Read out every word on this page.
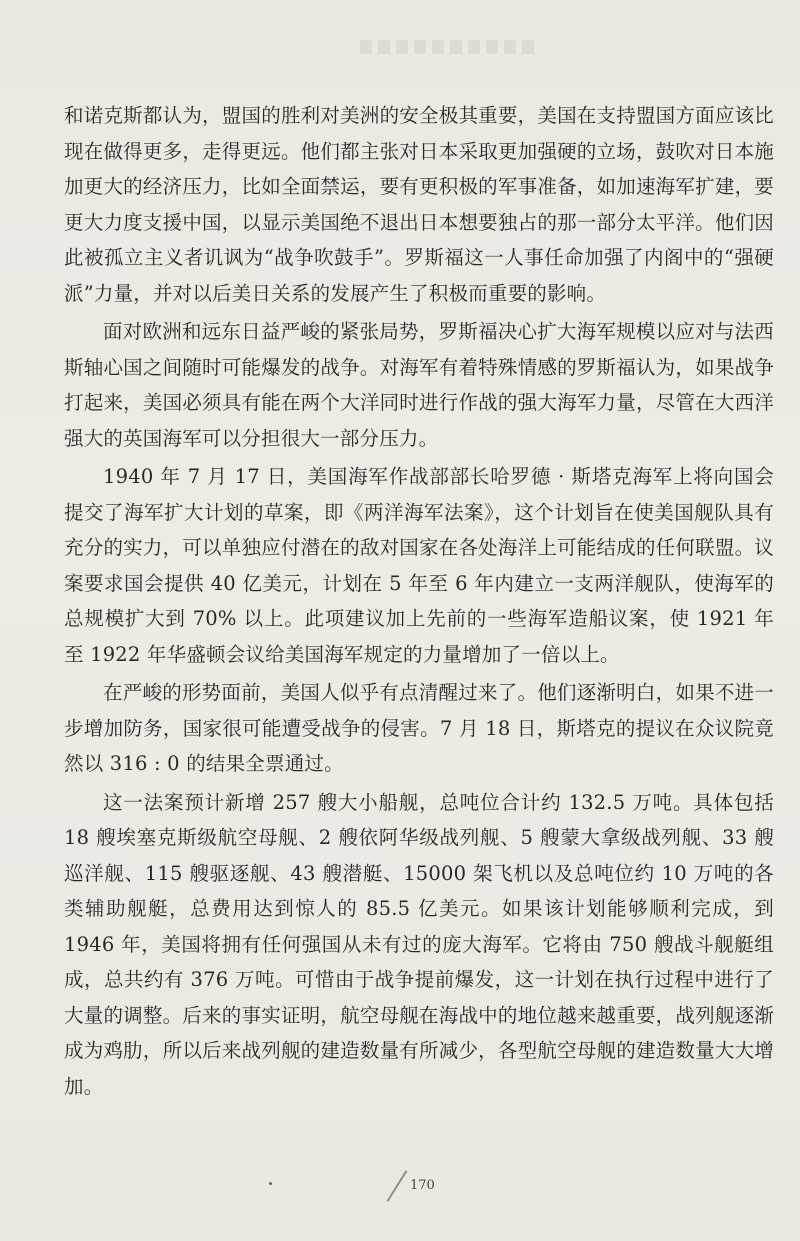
和诺克斯都认为，盟国的胜利对美洲的安全极其重要，美国在支持盟国方面应该比现在做得更多，走得更远。他们都主张对日本采取更加强硬的立场，鼓吹对日本施加更大的经济压力，比如全面禁运，要有更积极的军事准备，如加速海军扩建，要更大力度支援中国，以显示美国绝不退出日本想要独占的那一部分太平洋。他们因此被孤立主义者讥讽为“战争吹鼓手”。罗斯福这一人事任命加强了内阁中的“强硬派”力量，并对以后美日关系的发展产生了积极而重要的影响。

面对欧洲和远东日益严峻的紧张局势，罗斯福决心扩大海军规模以应对与法西斯轴心国之间随时可能爆发的战争。对海军有着特殊情感的罗斯福认为，如果战争打起来，美国必须具有能在两个大洋同时进行作战的强大海军力量，尽管在大西洋强大的英国海军可以分担很大一部分压力。

1940 年 7 月 17 日，美国海军作战部部长哈罗德 · 斯塔克海军上将向国会提交了海军扩大计划的草案，即《两洋海军法案》，这个计划旨在使美国舰队具有充分的实力，可以单独应付潜在的敌对国家在各处海洋上可能结成的任何联盟。议案要求国会提供 40 亿美元，计划在 5 年至 6 年内建立一支两洋舰队，使海军的总规模扩大到 70% 以上。此项建议加上先前的一些海军造船议案，使 1921 年至 1922 年华盛顿会议给美国海军规定的力量增加了一倍以上。

在严峻的形势面前，美国人似乎有点清醒过来了。他们逐渐明白，如果不进一步增加防务，国家很可能遭受战争的侵害。7 月 18 日，斯塔克的提议在众议院竟然以 316 : 0 的结果全票通过。

这一法案预计新增 257 艘大小船舰，总吨位合计约 132.5 万吨。具体包括 18 艘埃塞克斯级航空母舰、2 艘依阿华级战列舰、5 艘蒙大拿级战列舰、33 艘巡洋舰、115 艘驱逐舰、43 艘潜艇、15000 架飞机以及总吨位约 10 万吨的各类辅助舰艇，总费用达到惊人的 85.5 亿美元。如果该计划能够顺利完成，到 1946 年，美国将拥有任何强国从未有过的庞大海军。它将由 750 艘战斗舰艇组成，总共约有 376 万吨。可惜由于战争提前爆发，这一计划在执行过程中进行了大量的调整。后来的事实证明，航空母舰在海战中的地位越来越重要，战列舰逐渐成为鸡肋，所以后来战列舰的建造数量有所减少，各型航空母舰的建造数量大大增加。

170
